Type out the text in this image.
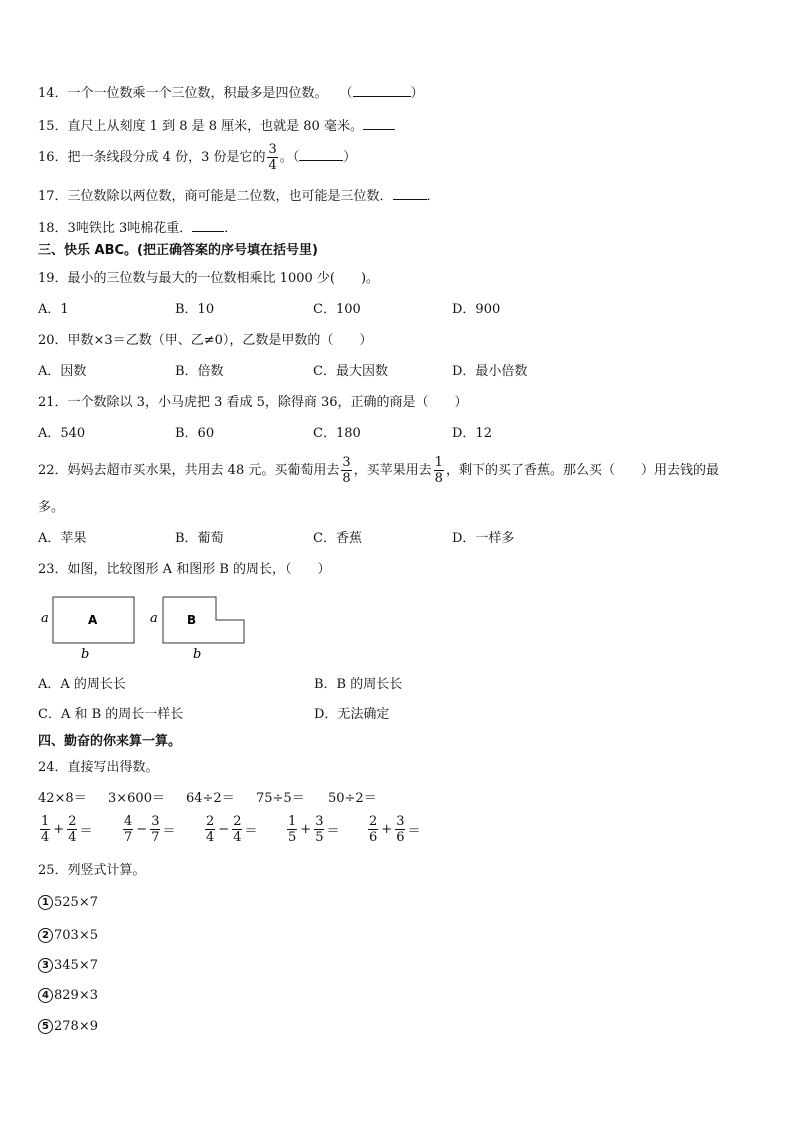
14．一个一位数乘一个三位数，积最多是四位数。 （	）
15．直尺上从刻度 1 到 8 是 8 厘米，也就是 80 毫米。
16．把一条线段分成 4 份，3 份是它的 $\frac{3}{4}$ 。（	）
17．三位数除以两位数，商可能是二位数，也可能是三位数．	．
18．3吨铁比 3吨棉花重． ．
三、快乐 ABC。(把正确答案的序号填在括号里)
19．最小的三位数与最大的一位数相乘比 1000 少(　　)。
A．1	B．10	C．100	D．900
20．甲数×3＝乙数（甲、乙≠0），乙数是甲数的（　　）
A．因数	B．倍数	C．最大因数	D．最小倍数
21．一个数除以 3，小马虎把 3 看成 5，除得商 36，正确的商是（　　）
A．540	B．60	C．180	D．12
22．妈妈去超市买水果，共用去 48 元。买葡萄用去 $\frac{3}{8}$ ，买苹果用去 $\frac{1}{8}$ ，剩下的买了香蕉。那么买（　　）用去钱的最
多。
A．苹果	B．葡萄	C．香蕉	D．一样多
23．如图，比较图形 A 和图形 B 的周长，（　　）
A
a
b
B
a
b
A．A 的周长长	B．B 的周长长
C．A 和 B 的周长一样长	D．无法确定
四、勤奋的你来算一算。
24．直接写出得数。
42×8＝ 3×600＝ 64÷2＝ 75÷5＝ 50÷2＝
$\frac{1}{4} + \frac{2}{4} = \frac{4}{7} - \frac{3}{7} = \frac{2}{4} - \frac{2}{4} = \frac{1}{5} + \frac{3}{5} = \frac{2}{6} + \frac{3}{6}$ ＝
25．列竖式计算。
1 525×7
2 703×5
3 345×7
4 829×3
5 278×9
